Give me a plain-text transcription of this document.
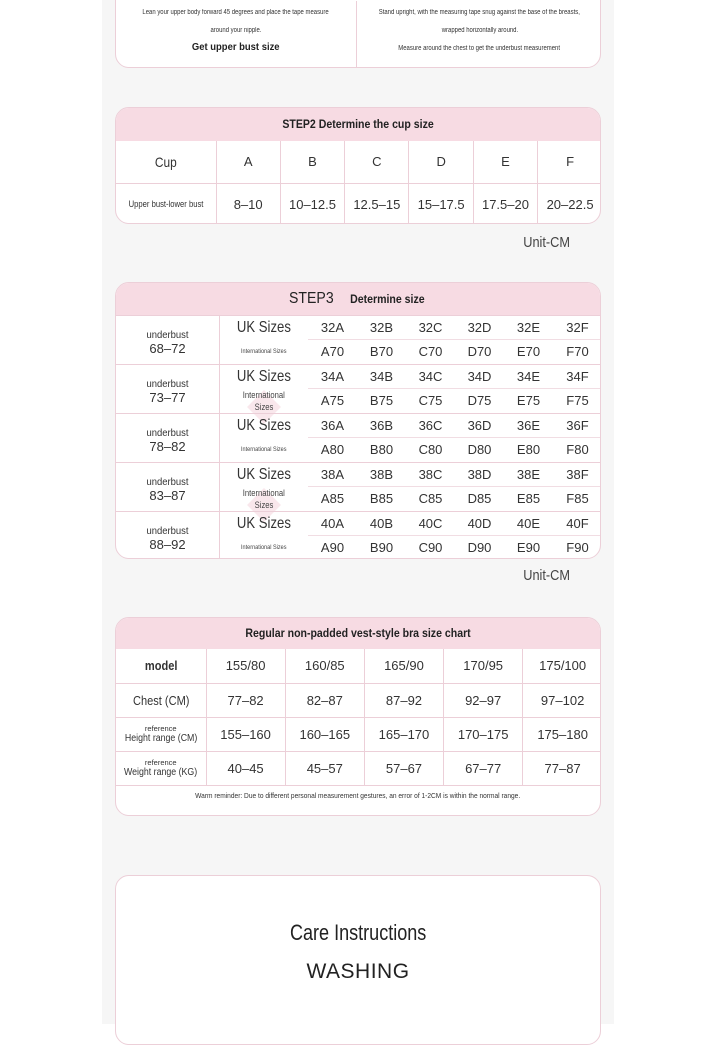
Lean your upper body forward 45 degrees and place the tape measure
around your nipple.
Get upper bust size
Stand upright, with the measuring tape snug against the base of the breasts,
wrapped horizontally around.
Measure around the chest to get the underbust measurement
STEP2 Determine the cup size
Cup	A	B	C	D	E	F
Upper bust-lower bust	8–10	10–12.5	12.5–15	15–17.5	17.5–20	20–22.5
Unit-CM
STEP3 Determine size
underbust
68–72
UK Sizes
International Sizes
32A	32B	32C	32D	32E	32F
A70	B70	C70	D70	E70	F70
underbust
73–77
UK Sizes
International
Sizes
34A	34B	34C	34D	34E	34F
A75	B75	C75	D75	E75	F75
underbust
78–82
UK Sizes
International Sizes
36A	36B	36C	36D	36E	36F
A80	B80	C80	D80	E80	F80
underbust
83–87
UK Sizes
International
Sizes
38A	38B	38C	38D	38E	38F
A85	B85	C85	D85	E85	F85
underbust
88–92
UK Sizes
International Sizes
40A	40B	40C	40D	40E	40F
A90	B90	C90	D90	E90	F90
Unit-CM
Regular non-padded vest-style bra size chart
model	155/80	160/85	165/90	170/95	175/100
Chest (CM)	77–82	82–87	87–92	92–97	97–102

reference
Height range (CM)	155–160	160–165	165–170	170–175	175–180

reference
Weight range (KG)	40–45	45–57	57–67	67–77	77–87
Warm reminder: Due to different personal measurement gestures, an error of 1-2CM is within the normal range.
Care Instructions
WASHING
